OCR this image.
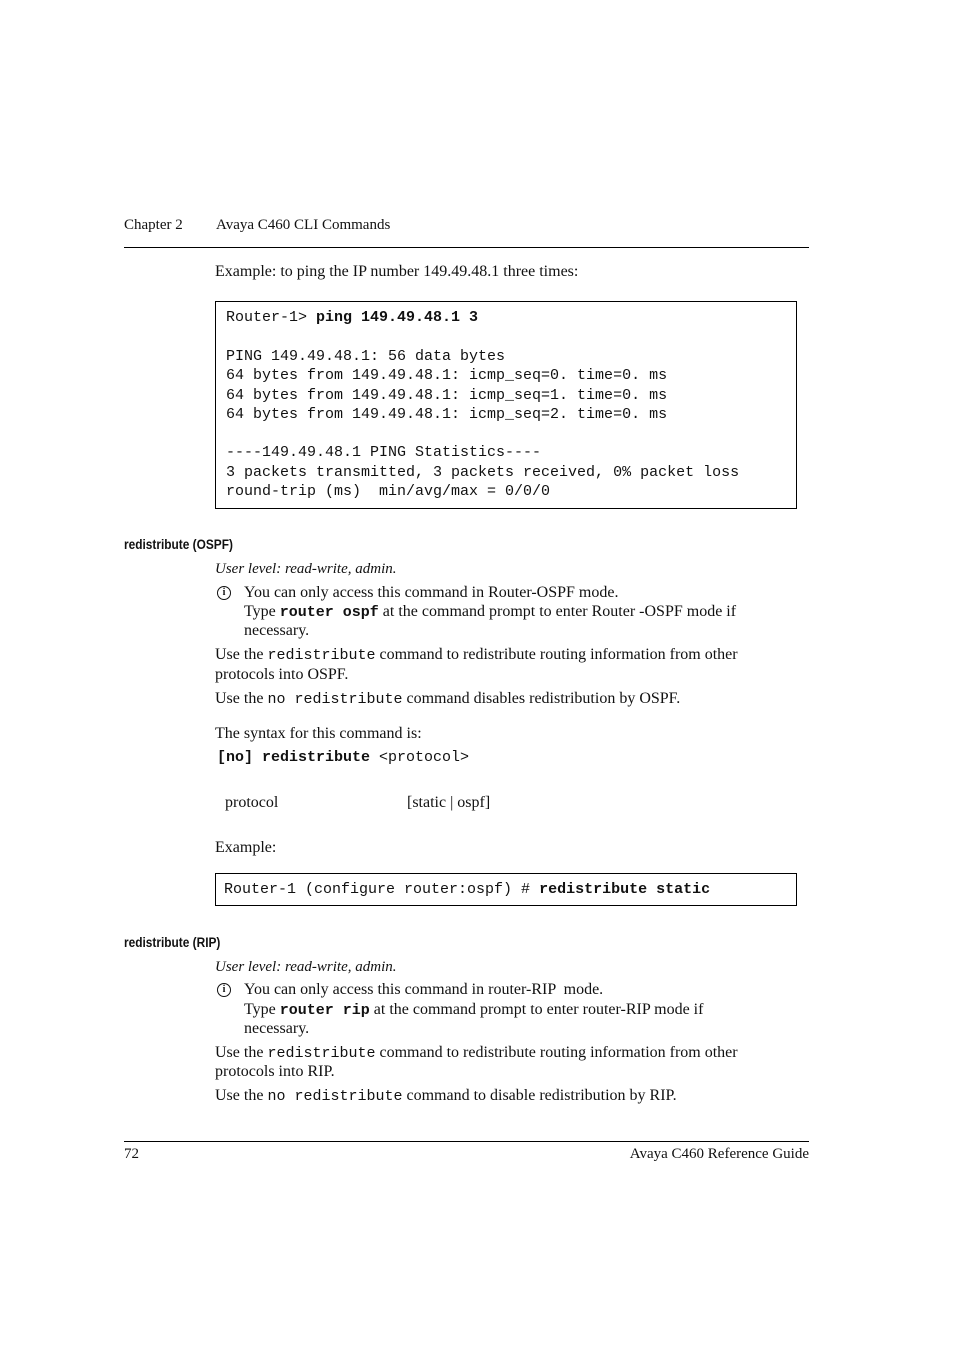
Chapter 2 Avaya C460 CLI Commands
Example: to ping the IP number 149.49.48.1 three times:
Router-1> ping 149.49.48.1 3
PING 149.49.48.1: 56 data bytes
64 bytes from 149.49.48.1: icmp_seq=0. time=0. ms
64 bytes from 149.49.48.1: icmp_seq=1. time=0. ms
64 bytes from 149.49.48.1: icmp_seq=2. time=0. ms
----149.49.48.1 PING Statistics----
3 packets transmitted, 3 packets received, 0% packet loss
round-trip (ms)  min/avg/max = 0/0/0
redistribute (OSPF)
User level: read-write, admin.
i	You can only access this command in Router-OSPF mode.
Type router ospf at the command prompt to enter Router -OSPF mode if
necessary.
Use the redistribute command to redistribute routing information from other
protocols into OSPF.
Use the no redistribute command disables redistribution by OSPF.
The syntax for this command is:
[no] redistribute <protocol>
protocol	[static | ospf]
Example:
Router-1 (configure router:ospf) # redistribute static
redistribute (RIP)
User level: read-write, admin.
i	You can only access this command in router-RIP  mode.
Type router rip at the command prompt to enter router-RIP mode if
necessary.
Use the redistribute command to redistribute routing information from other
protocols into RIP.
Use the no redistribute command to disable redistribution by RIP.
72	Avaya C460 Reference Guide
